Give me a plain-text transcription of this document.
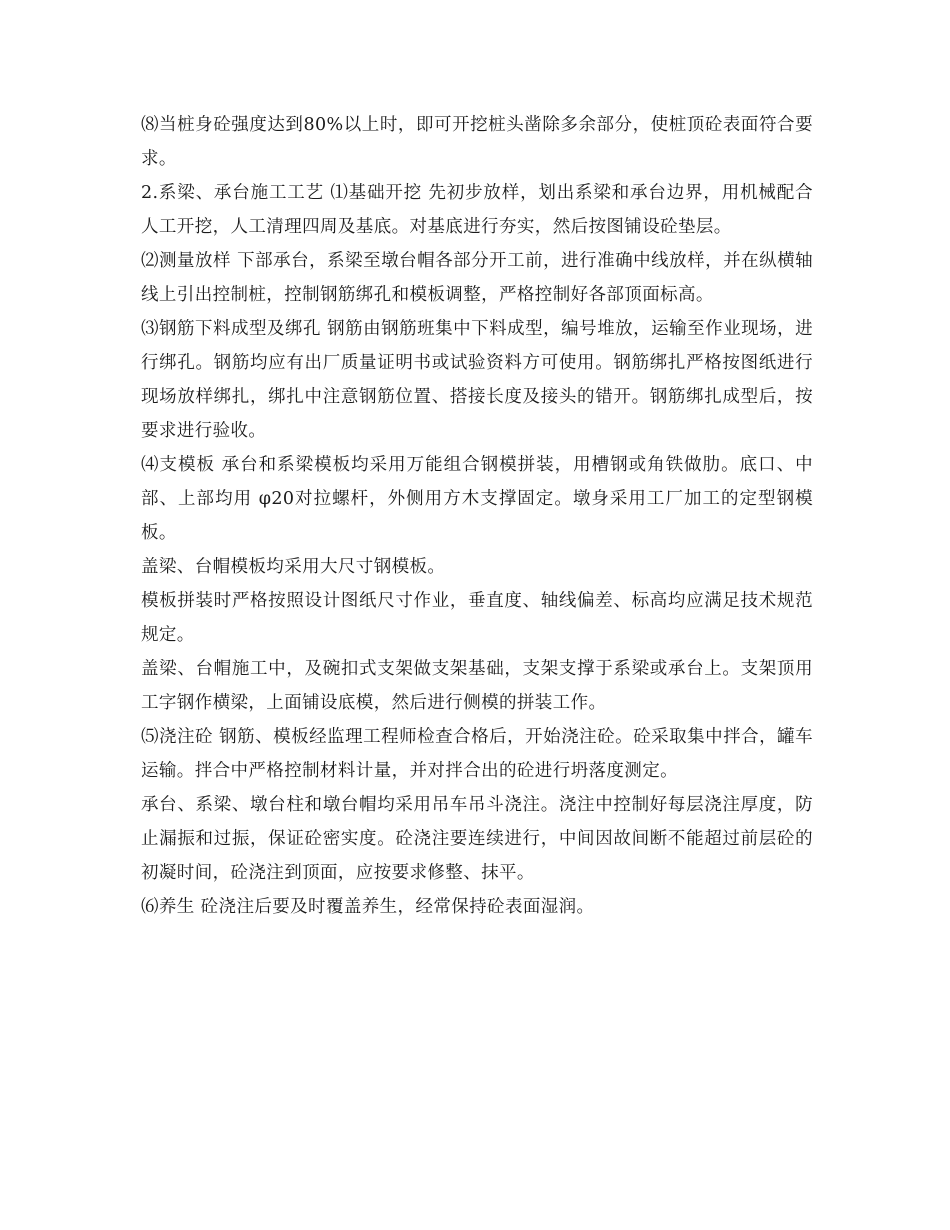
⑻当桩身砼强度达到80%以上时，即可开挖桩头凿除多余部分，使桩顶砼表面符合要求。

2.系梁、承台施工工艺 ⑴基础开挖 先初步放样，划出系梁和承台边界，用机械配合人工开挖，人工清理四周及基底。对基底进行夯实，然后按图铺设砼垫层。

⑵测量放样 下部承台，系梁至墩台帽各部分开工前，进行准确中线放样，并在纵横轴线上引出控制桩，控制钢筋绑孔和模板调整，严格控制好各部顶面标高。

⑶钢筋下料成型及绑孔 钢筋由钢筋班集中下料成型，编号堆放，运输至作业现场，进行绑孔。钢筋均应有出厂质量证明书或试验资料方可使用。钢筋绑扎严格按图纸进行现场放样绑扎，绑扎中注意钢筋位置、搭接长度及接头的错开。钢筋绑扎成型后，按要求进行验收。

⑷支模板 承台和系梁模板均采用万能组合钢模拼装，用槽钢或角铁做肋。底口、中部、上部均用 φ20对拉螺杆，外侧用方木支撑固定。墩身采用工厂加工的定型钢模板。

盖梁、台帽模板均采用大尺寸钢模板。

模板拼装时严格按照设计图纸尺寸作业，垂直度、轴线偏差、标高均应满足技术规范规定。

盖梁、台帽施工中，及碗扣式支架做支架基础，支架支撑于系梁或承台上。支架顶用工字钢作横梁，上面铺设底模，然后进行侧模的拼装工作。

⑸浇注砼 钢筋、模板经监理工程师检查合格后，开始浇注砼。砼采取集中拌合，罐车运输。拌合中严格控制材料计量，并对拌合出的砼进行坍落度测定。

承台、系梁、墩台柱和墩台帽均采用吊车吊斗浇注。浇注中控制好每层浇注厚度，防止漏振和过振，保证砼密实度。砼浇注要连续进行，中间因故间断不能超过前层砼的初凝时间，砼浇注到顶面，应按要求修整、抹平。

⑹养生 砼浇注后要及时覆盖养生，经常保持砼表面湿润。
